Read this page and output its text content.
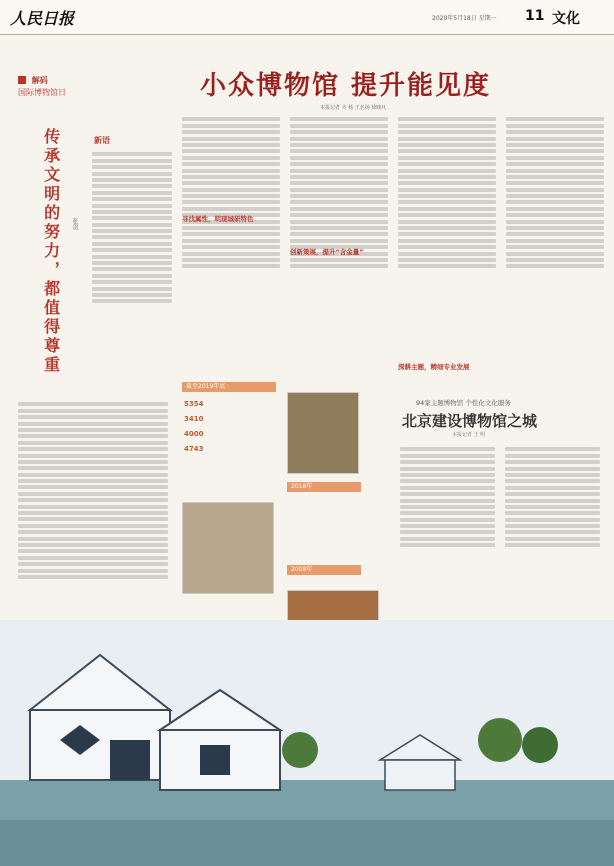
人民日报	2020年5月18日 星期一 11 文化
解码
国际博物馆日	小众博物馆 提升能见度
本报记者 齐 杨 王名扬 徐映凡
传承文明的努力，都值得尊重	张贺
新语
寻找属性，明现城研特色
创新策展，提升“含金量”
深耕主题，精细专业发展
截至2019年底
5354
3410
4000
4743
2018年
2008年
94家主题博物馆 个性化文化服务
北京建设博物馆之城
本报记者 王 明
